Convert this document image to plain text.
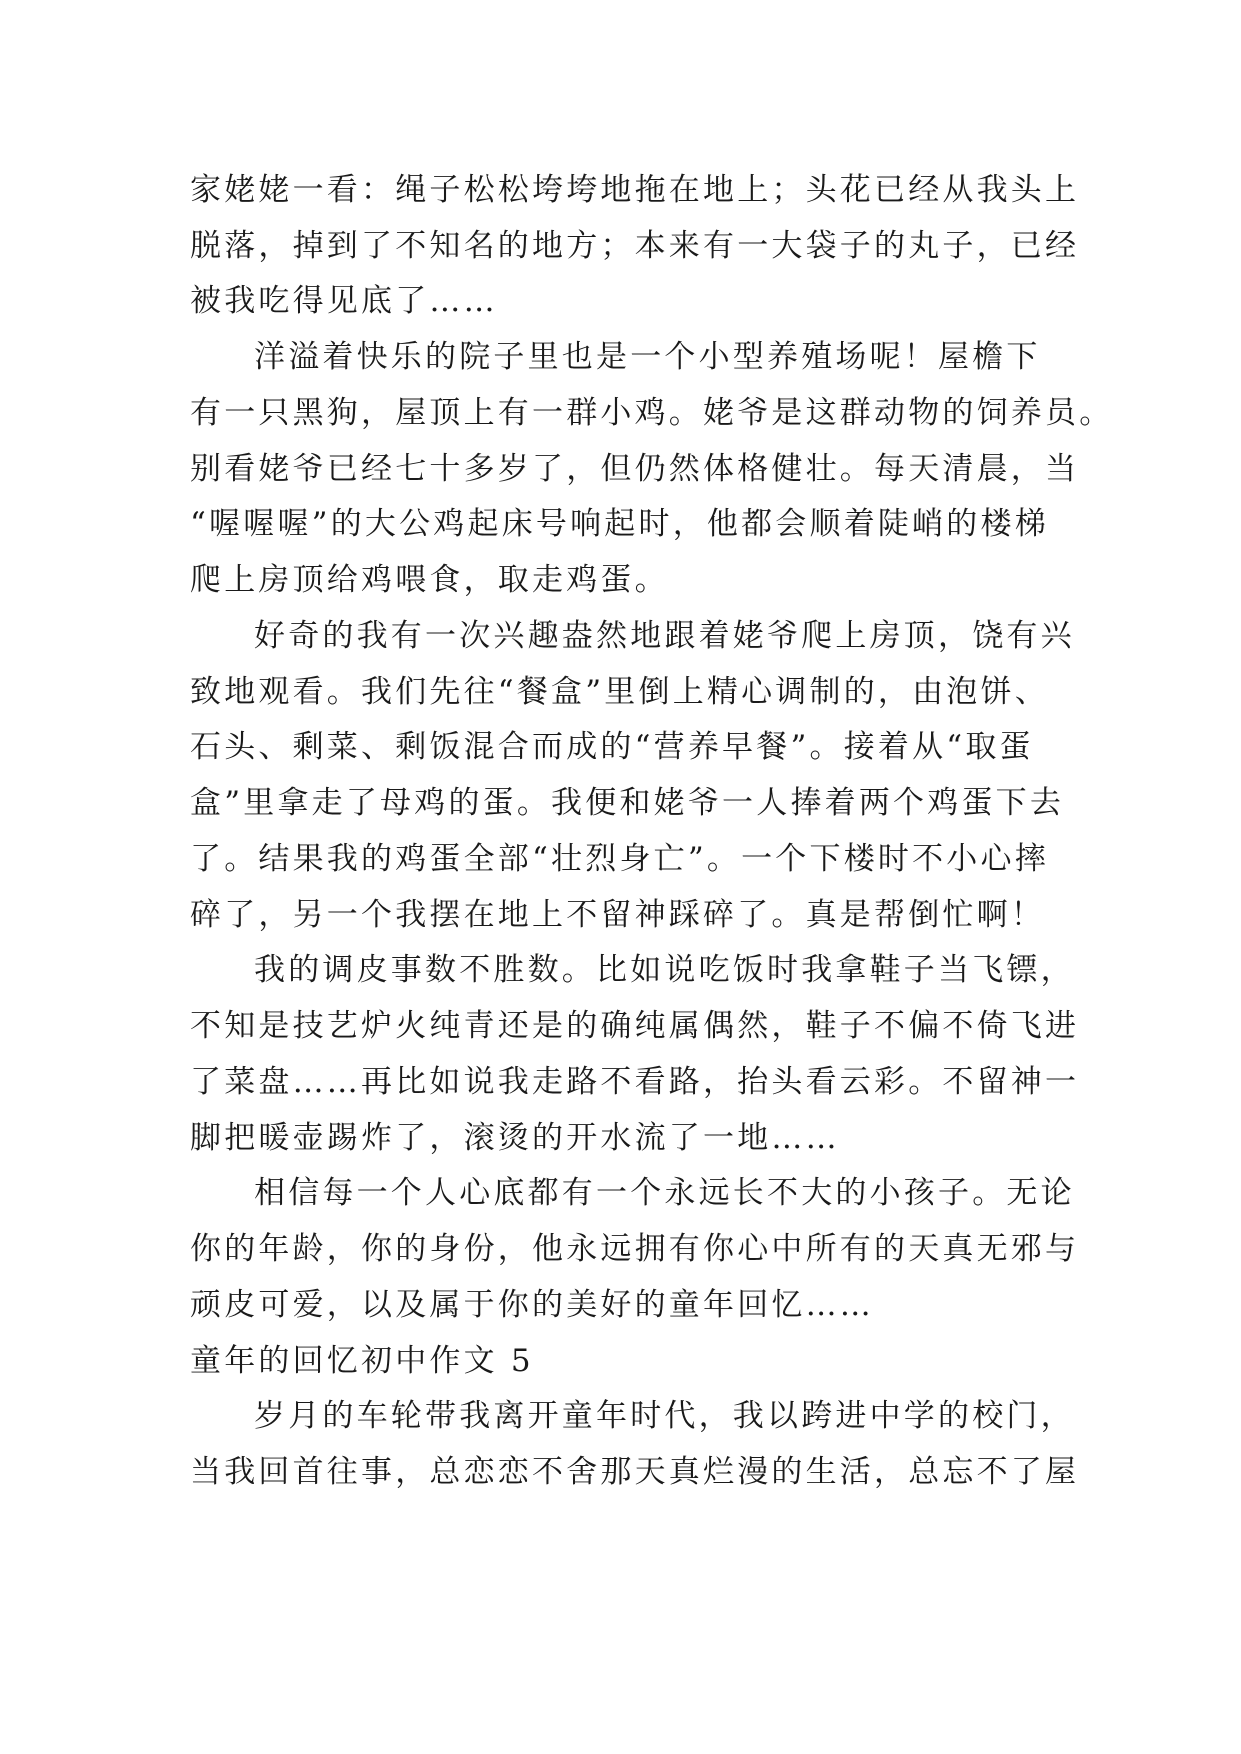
家姥姥一看：绳子松松垮垮地拖在地上；头花已经从我头上
脱落，掉到了不知名的地方；本来有一大袋子的丸子，已经
被我吃得见底了……
洋溢着快乐的院子里也是一个小型养殖场呢！屋檐下
有一只黑狗，屋顶上有一群小鸡。姥爷是这群动物的饲养员。
别看姥爷已经七十多岁了，但仍然体格健壮。每天清晨，当
“喔喔喔”的大公鸡起床号响起时，他都会顺着陡峭的楼梯
爬上房顶给鸡喂食，取走鸡蛋。
好奇的我有一次兴趣盎然地跟着姥爷爬上房顶，饶有兴
致地观看。我们先往“餐盒”里倒上精心调制的，由泡饼、
石头、剩菜、剩饭混合而成的“营养早餐”。接着从“取蛋
盒”里拿走了母鸡的蛋。我便和姥爷一人捧着两个鸡蛋下去
了。结果我的鸡蛋全部“壮烈身亡”。一个下楼时不小心摔
碎了，另一个我摆在地上不留神踩碎了。真是帮倒忙啊！
我的调皮事数不胜数。比如说吃饭时我拿鞋子当飞镖，
不知是技艺炉火纯青还是的确纯属偶然，鞋子不偏不倚飞进
了菜盘……再比如说我走路不看路，抬头看云彩。不留神一
脚把暖壶踢炸了，滚烫的开水流了一地……
相信每一个人心底都有一个永远长不大的小孩子。无论
你的年龄，你的身份，他永远拥有你心中所有的天真无邪与
顽皮可爱，以及属于你的美好的童年回忆……
童年的回忆初中作文 5
岁月的车轮带我离开童年时代，我以跨进中学的校门，
当我回首往事，总恋恋不舍那天真烂漫的生活，总忘不了屋
